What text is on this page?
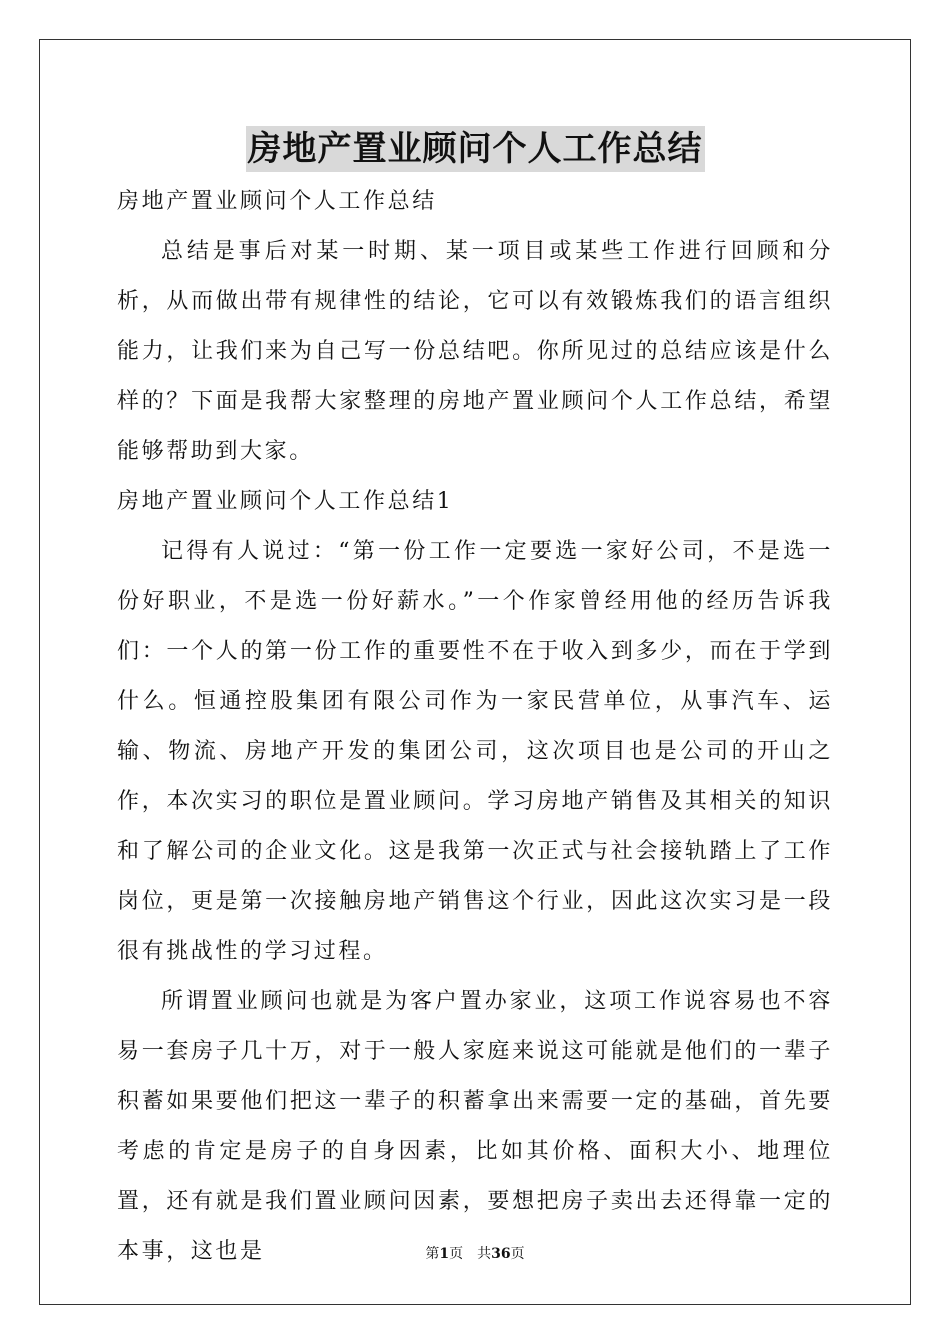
房地产置业顾问个人工作总结

房地产置业顾问个人工作总结

总结是事后对某一时期、某一项目或某些工作进行回顾和分析，从而做出带有规律性的结论，它可以有效锻炼我们的语言组织能力，让我们来为自己写一份总结吧。你所见过的总结应该是什么样的？下面是我帮大家整理的房地产置业顾问个人工作总结，希望能够帮助到大家。

房地产置业顾问个人工作总结1

记得有人说过：“第一份工作一定要选一家好公司，不是选一份好职业，不是选一份好薪水。”一个作家曾经用他的经历告诉我们：一个人的第一份工作的重要性不在于收入到多少，而在于学到什么。恒通控股集团有限公司作为一家民营单位，从事汽车、运输、物流、房地产开发的集团公司，这次项目也是公司的开山之作，本次实习的职位是置业顾问。学习房地产销售及其相关的知识和了解公司的企业文化。这是我第一次正式与社会接轨踏上了工作岗位，更是第一次接触房地产销售这个行业，因此这次实习是一段很有挑战性的学习过程。

所谓置业顾问也就是为客户置办家业，这项工作说容易也不容易一套房子几十万，对于一般人家庭来说这可能就是他们的一辈子积蓄如果要他们把这一辈子的积蓄拿出来需要一定的基础，首先要考虑的肯定是房子的自身因素，比如其价格、面积大小、地理位置，还有就是我们置业顾问因素，要想把房子卖出去还得靠一定的本事，这也是	第1页　共36页
